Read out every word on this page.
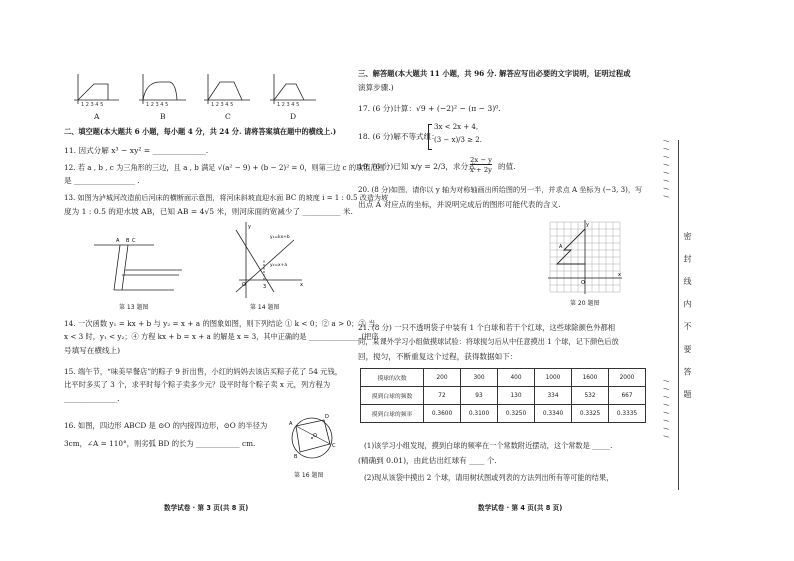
1 2 3 4 5	1 2 3 4 5	1 2 3 4 5	1 2 3 4 5
A	B	C	D
二、填空题(本大题共 6 小题，每小题 4 分，共 24 分. 请将答案填在题中的横线上.)
11. 因式分解 x³ − xy² = ______________.
12. 若 a , b , c 为三角形的三边，且 a , b 满足 √(a² − 9) + (b − 2)² = 0，则第三边 c 的取值范围
是 ________________ .
13. 如图为泸城河改造前后河床的横断面示意图，将河床斜坡直迎水面 BC 的坡度 i = 1 : 0.5 改造为坡
度为 1 : 0.5 的迎水坡 AB，已知 AB = 4√5 米，则河床面的宽减少了 __________ 米.
A B C
第 13 题图
y
x
3
O
y₁=kx+b
y₂=x+a
第 14 题图
14. 一次函数 y₁ = kx + b 与 y₂ = x + a 的图象如图，则下列结论 ① k < 0；② a > 0；③ 当
x < 3 时，y₁ < y₂；④ 方程 kx + b = x + a 的解是 x = 3，其中正确的是 ______________.(把序
号填写在横线上)
15. 端午节，“味美早餐店”的粽子 9 折出售，小红的妈妈去该店买粽子花了 54 元钱，
比平时多买了 3 个，求平时每个粽子卖多少元？设平时每个粽子卖 x 元，列方程为
______________.
16. 如图，四边形 ABCD 是 ⊙O 的内接四边形，⊙O 的半径为
3cm，∠A = 110°，则劣弧 BD 的长为 ____________ cm.
A
D
C
B
O
第 16 题图
数学试卷 · 第 3 页(共 8 页)
三、解答题(本大题共 11 小题，共 96 分. 解答应写出必要的文字说明，证明过程或
演算步骤.)
17. (6 分)计算：√9 + (−2)² − (π − 3)⁰.
18. (6 分)解不等式组：
3x < 2x + 4,
(3 − x)/3 ≥ 2.
19. (6 分)已知 x/y = 2/3，求分式
2x − y
x + 2y 的值.
20. (8 分)如图，请你以 y 轴为对称轴画出所给图的另一半，并求点 A 坐标为 (−3, 3)，写
出点 A 对应点的坐标，并说明完成后的图形可能代表的含义.
y
x
O
A
第 20 题图
21. (8 分) 一只不透明袋子中装有 1 个白球和若干个红球，这些球除颜色外都相
同，某课外学习小组做摸球试验：将球搅匀后从中任意摸出 1 个球，记下颜色后放
回，搅匀，不断重复这个过程，获得数据如下：
摸球的次数	200	300	400	1000	1600	2000
摸到白球的频数	72	93	130	334	532	667
摸到白球的频率	0.3600	0.3100	0.3250	0.3340	0.3325	0.3335
(1)该学习小组发现，摸到白球的频率在一个常数附近摆动，这个常数是 _____.
(精确到 0.01)，由此估出红球有 ____ 个.
(2)现从该袋中摸出 2 个球，请用树状图或列表的方法列出所有等可能的结果，
数学试卷 · 第 4 页(共 8 页)
/ / / / / / / /
密 封 线 内 不 要 答 题
/ / / / / / / /
